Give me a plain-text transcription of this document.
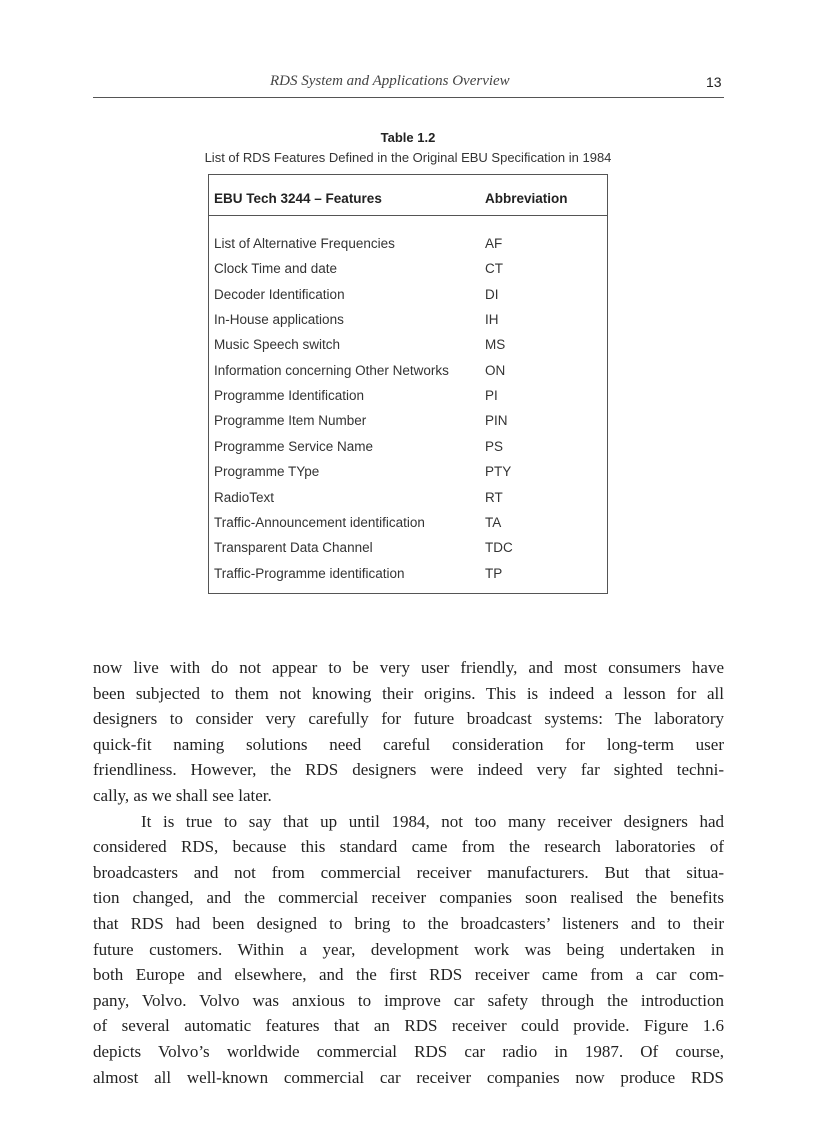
RDS System and Applications Overview	13
Table 1.2
List of RDS Features Defined in the Original EBU Specification in 1984
EBU Tech 3244 – Features	Abbreviation
List of Alternative Frequencies	AF
Clock Time and date	CT
Decoder Identification	DI
In-House applications	IH
Music Speech switch	MS
Information concerning Other Networks	ON
Programme Identification	PI
Programme Item Number	PIN
Programme Service Name	PS
Programme TYpe	PTY
RadioText	RT
Traffic-Announcement identification	TA
Transparent Data Channel	TDC
Traffic-Programme identification	TP
now live with do not appear to be very user friendly, and most consumers have
been subjected to them not knowing their origins. This is indeed a lesson for all
designers to consider very carefully for future broadcast systems: The laboratory
quick-fit naming solutions need careful consideration for long-term user
friendliness. However, the RDS designers were indeed very far sighted techni-
cally, as we shall see later.
It is true to say that up until 1984, not too many receiver designers had
considered RDS, because this standard came from the research laboratories of
broadcasters and not from commercial receiver manufacturers. But that situa-
tion changed, and the commercial receiver companies soon realised the benefits
that RDS had been designed to bring to the broadcasters’ listeners and to their
future customers. Within a year, development work was being undertaken in
both Europe and elsewhere, and the first RDS receiver came from a car com-
pany, Volvo. Volvo was anxious to improve car safety through the introduction
of several automatic features that an RDS receiver could provide. Figure 1.6
depicts Volvo’s worldwide commercial RDS car radio in 1987. Of course,
almost all well-known commercial car receiver companies now produce RDS
